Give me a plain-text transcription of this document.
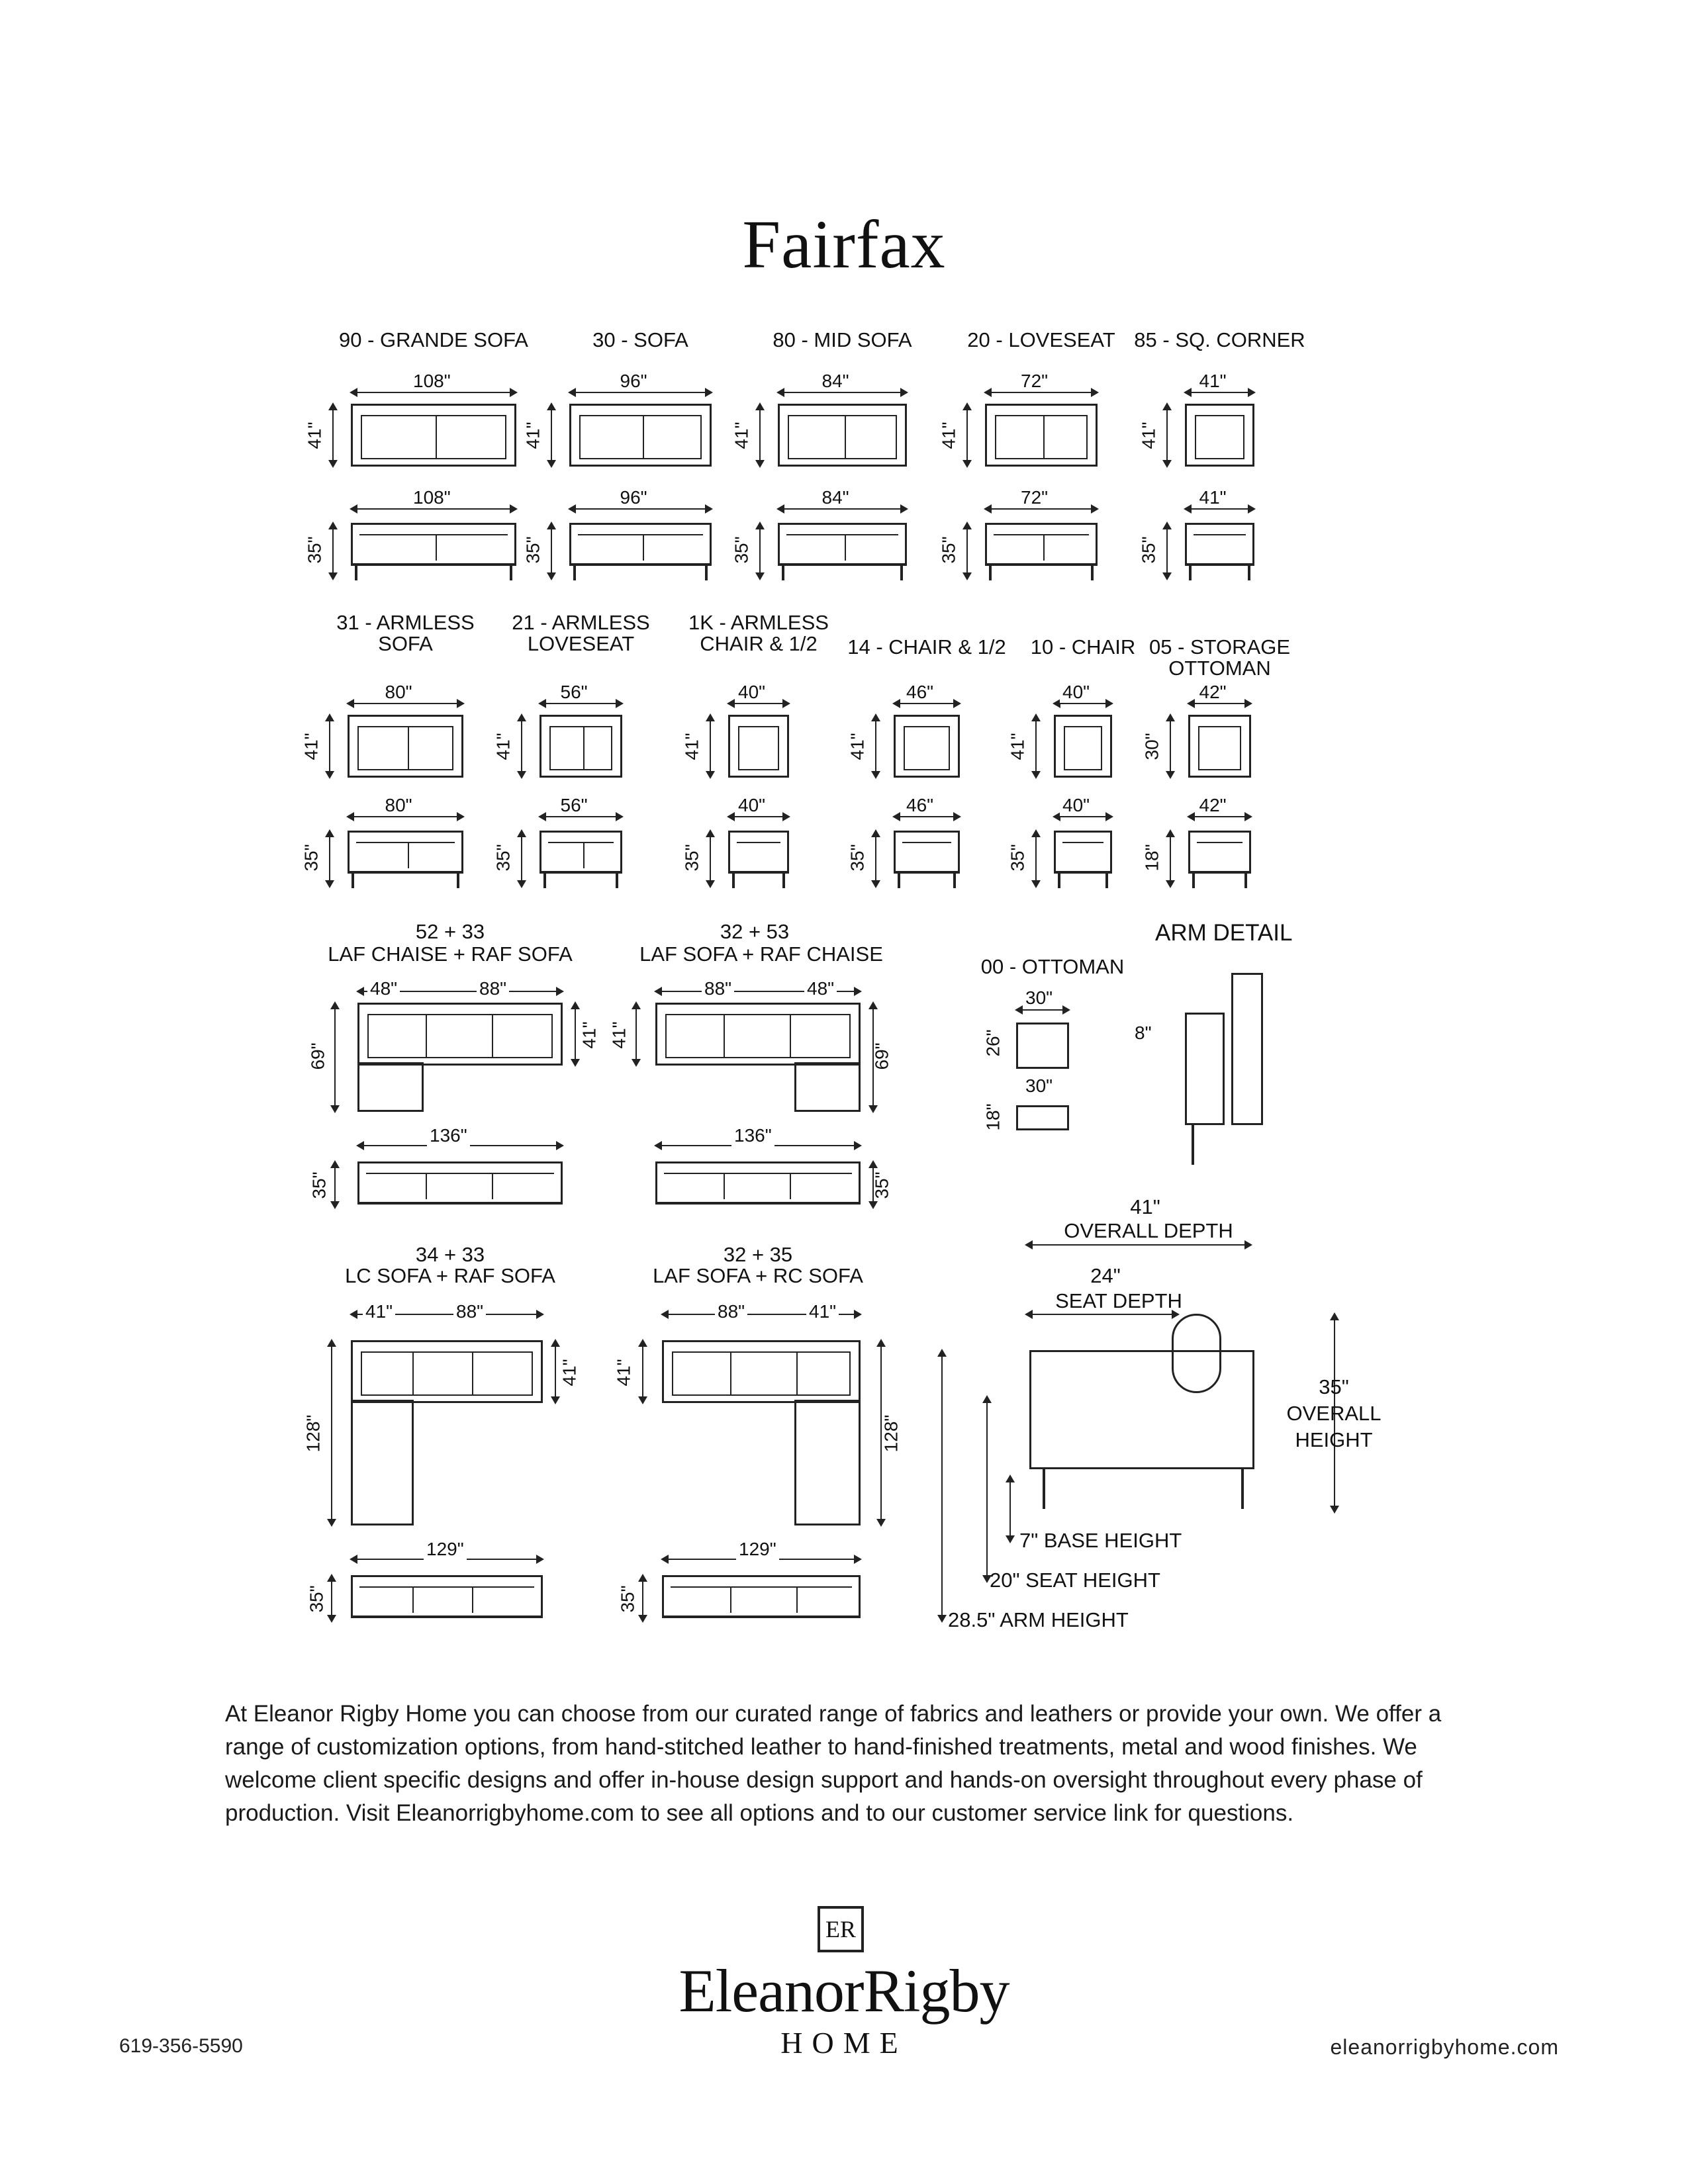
Fairfax
90 - GRANDE SOFA
108"
41"
108"
35"
30 - SOFA
96"
41"
96"
35"
80 - MID SOFA
84"
41"
84"
35"
20 - LOVESEAT
72"
41"
72"
35"
85 - SQ. CORNER
41"
41"
41"
35"
31 - ARMLESS
SOFA
80"
41"
80"
35"
21 - ARMLESS
LOVESEAT
56"
41"
56"
35"
1K - ARMLESS
CHAIR & 1/2
40"
41"
40"
35"
14 - CHAIR & 1/2
46"
41"
46"
35"
10 - CHAIR
40"
41"
40"
35"
05 - STORAGE
OTTOMAN
42"
30"
42"
18"
52 + 33
LAF CHAISE + RAF SOFA
48"	88"
69"
41"
136"
35"
32 + 53
LAF SOFA + RAF CHAISE
88"	48"
41"
69"
136"
35"
34 + 33
LC SOFA + RAF SOFA
41"	88"
128"
41"
129"
35"
32 + 35
LAF SOFA + RC SOFA
88"	41"
41"
128"
129"
35"
00 - OTTOMAN
30"
26"
30"
18"
ARM DETAIL
8"
41"
OVERALL DEPTH
24"
SEAT DEPTH
35"
OVERALL
HEIGHT
7" BASE HEIGHT
20" SEAT HEIGHT
28.5" ARM HEIGHT
At Eleanor Rigby Home you can choose from our curated range of fabrics and leathers or provide your own. We offer a range of customization options, from hand-stitched leather to hand-finished treatments, metal and wood finishes. We welcome client specific designs and offer in-house design support and hands-on oversight throughout every phase of production. Visit Eleanorrigbyhome.com to see all options and to our customer service link for questions.
ER
EleanorRigby
HOME
619-356-5590	eleanorrigbyhome.com
